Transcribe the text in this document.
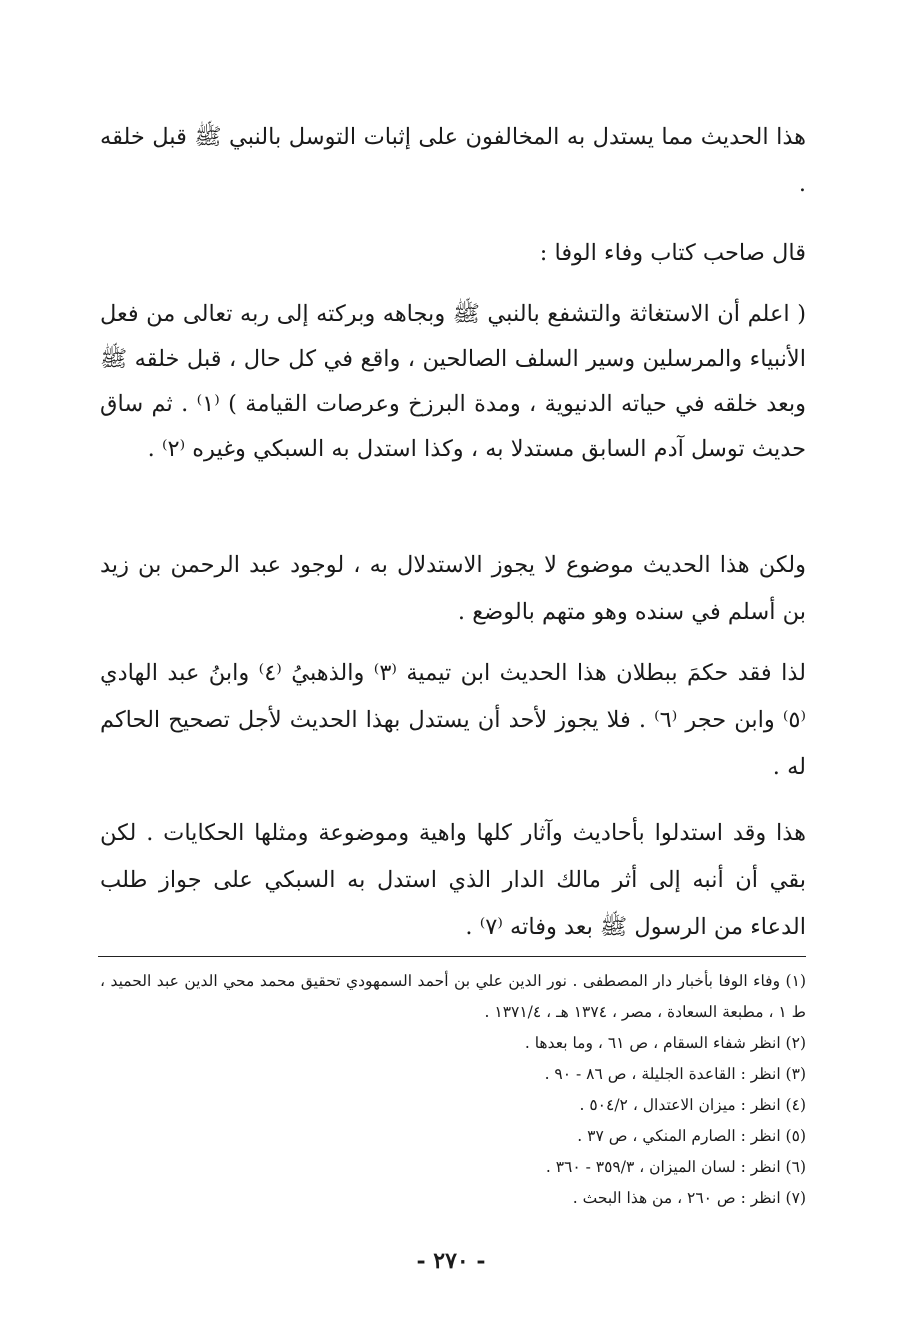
هذا الحديث مما يستدل به المخالفون على إثبات التوسل بالنبي ﷺ قبل خلقه .

قال صاحب كتاب وفاء الوفا :

( اعلم أن الاستغاثة والتشفع بالنبي ﷺ وبجاهه وبركته إلى ربه تعالى من فعل الأنبياء والمرسلين وسير السلف الصالحين ، واقع في كل حال ، قبل خلقه ﷺ وبعد خلقه في حياته الدنيوية ، ومدة البرزخ وعرصات القيامة ) ⁽١⁾ . ثم ساق حديث توسل آدم السابق مستدلا به ، وكذا استدل به السبكي وغيره ⁽٢⁾ .

ولكن هذا الحديث موضوع لا يجوز الاستدلال به ، لوجود عبد الرحمن بن زيد بن أسلم في سنده وهو متهم بالوضع .

لذا فقد حكمَ ببطلان هذا الحديث ابن تيمية ⁽٣⁾ والذهبيُ ⁽٤⁾ وابنُ عبد الهادي ⁽٥⁾ وابن حجر ⁽٦⁾ . فلا يجوز لأحد أن يستدل بهذا الحديث لأجل تصحيح الحاكم له .

هذا وقد استدلوا بأحاديث وآثار كلها واهية وموضوعة ومثلها الحكايات . لكن بقي أن أنبه إلى أثر مالك الدار الذي استدل به السبكي على جواز طلب الدعاء من الرسول ﷺ بعد وفاته ⁽٧⁾ .

(١) وفاء الوفا بأخبار دار المصطفى . نور الدين علي بن أحمد السمهودي تحقيق محمد محي الدين عبد الحميد ، ط ١ ، مطبعة السعادة ، مصر ، ١٣٧٤ هـ ، ١٣٧١/٤ .
(٢) انظر شفاء السقام ، ص ٦١ ، وما بعدها .
(٣) انظر : القاعدة الجليلة ، ص ٨٦ - ٩٠ .
(٤) انظر : ميزان الاعتدال ، ٥٠٤/٢ .
(٥) انظر : الصارم المنكي ، ص ٣٧ .
(٦) انظر : لسان الميزان ، ٣٥٩/٣ - ٣٦٠ .
(٧) انظر : ص ٢٦٠ ، من هذا البحث .
- ٢٧٠ -
